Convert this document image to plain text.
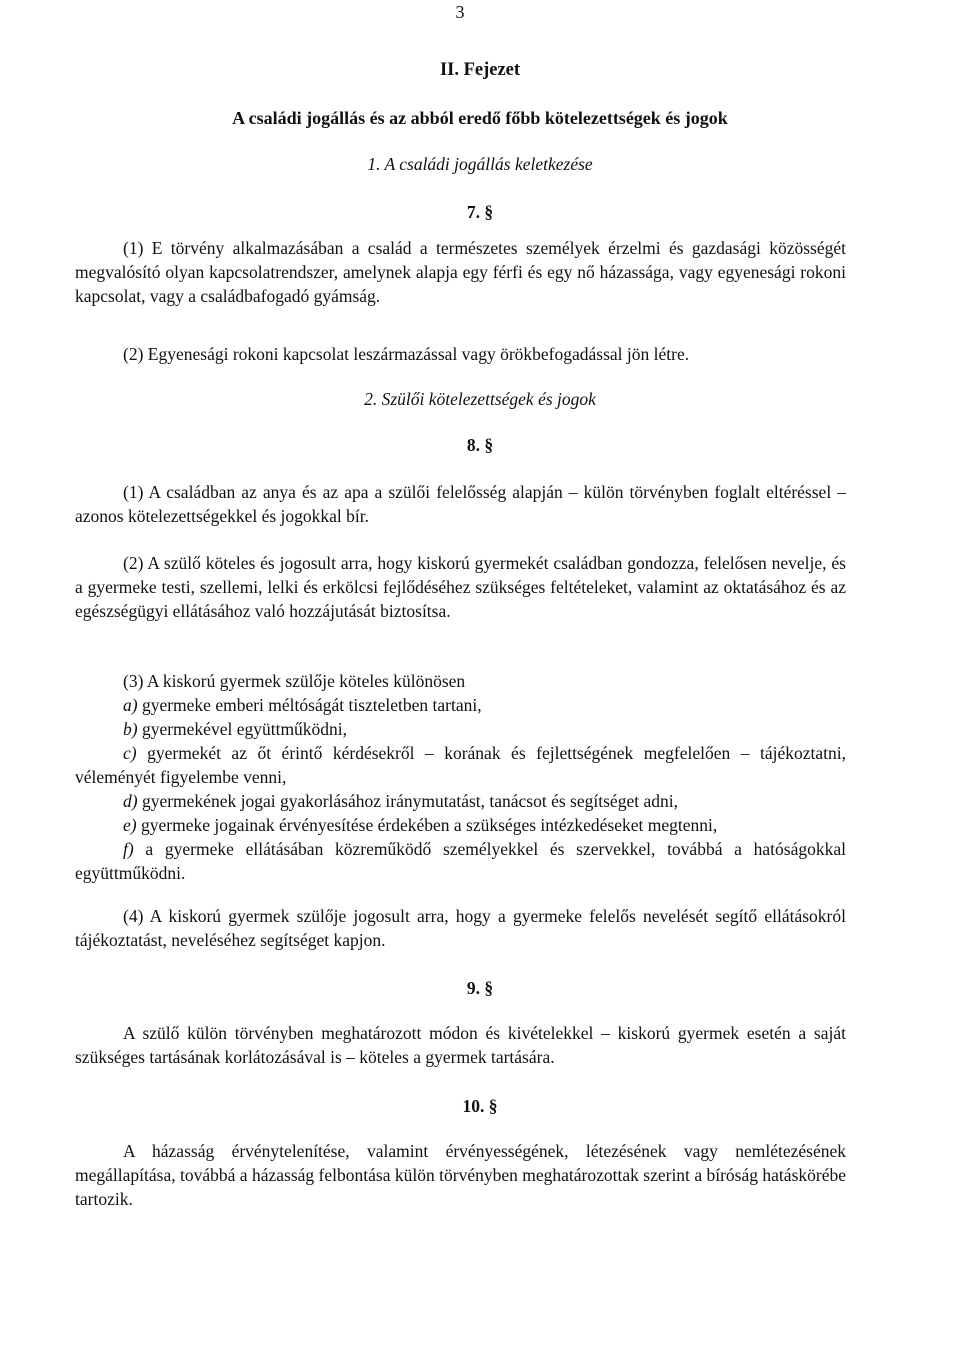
3
II. Fejezet
A családi jogállás és az abból eredő főbb kötelezettségek és jogok
1. A családi jogállás keletkezése
7. §

(1) E törvény alkalmazásában a család a természetes személyek érzelmi és gazdasági közösségét megvalósító olyan kapcsolatrendszer, amelynek alapja egy férfi és egy nő házassága, vagy egyenesági rokoni kapcsolat, vagy a családbafogadó gyámság.

(2) Egyenesági rokoni kapcsolat leszármazással vagy örökbefogadással jön létre.

2. Szülői kötelezettségek és jogok
8. §

(1) A családban az anya és az apa a szülői felelősség alapján – külön törvényben foglalt eltéréssel – azonos kötelezettségekkel és jogokkal bír.

(2) A szülő köteles és jogosult arra, hogy kiskorú gyermekét családban gondozza, felelősen nevelje, és a gyermeke testi, szellemi, lelki és erkölcsi fejlődéséhez szükséges feltételeket, valamint az oktatásához és az egészségügyi ellátásához való hozzájutását biztosítsa.

(3) A kiskorú gyermek szülője köteles különösen

a) gyermeke emberi méltóságát tiszteletben tartani,

b) gyermekével együttműködni,

c) gyermekét az őt érintő kérdésekről – korának és fejlettségének megfelelően – tájékoztatni, véleményét figyelembe venni,

d) gyermekének jogai gyakorlásához iránymutatást, tanácsot és segítséget adni,

e) gyermeke jogainak érvényesítése érdekében a szükséges intézkedéseket megtenni,

f) a gyermeke ellátásában közreműködő személyekkel és szervekkel, továbbá a hatóságokkal együttműködni.

(4) A kiskorú gyermek szülője jogosult arra, hogy a gyermeke felelős nevelését segítő ellátásokról tájékoztatást, neveléséhez segítséget kapjon.

9. §

A szülő külön törvényben meghatározott módon és kivételekkel – kiskorú gyermek esetén a saját szükséges tartásának korlátozásával is – köteles a gyermek tartására.

10. §

A házasság érvénytelenítése, valamint érvényességének, létezésének vagy nemlétezésének megállapítása, továbbá a házasság felbontása külön törvényben meghatározottak szerint a bíróság hatáskörébe tartozik.
